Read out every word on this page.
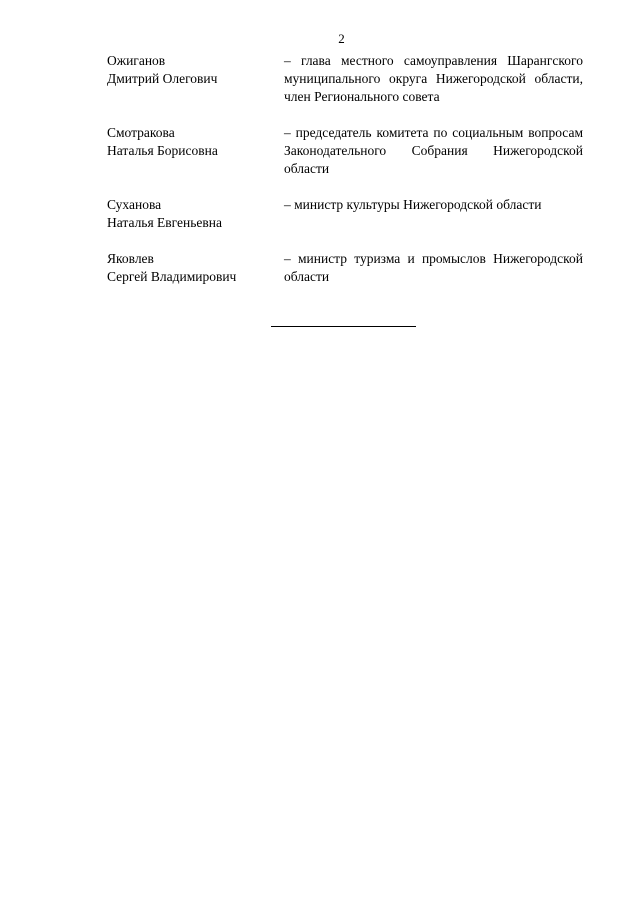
2
Ожиганов
Дмитрий Олегович
– глава местного самоуправления Шарангского муниципального округа Нижегородской области, член Регионального совета
Смотракова
Наталья Борисовна
– председатель комитета по социальным вопросам Законодательного Собрания Нижегородской области
Суханова
Наталья Евгеньевна
– министр культуры Нижегородской области
Яковлев
Сергей Владимирович
– министр туризма и промыслов Нижегородской области
